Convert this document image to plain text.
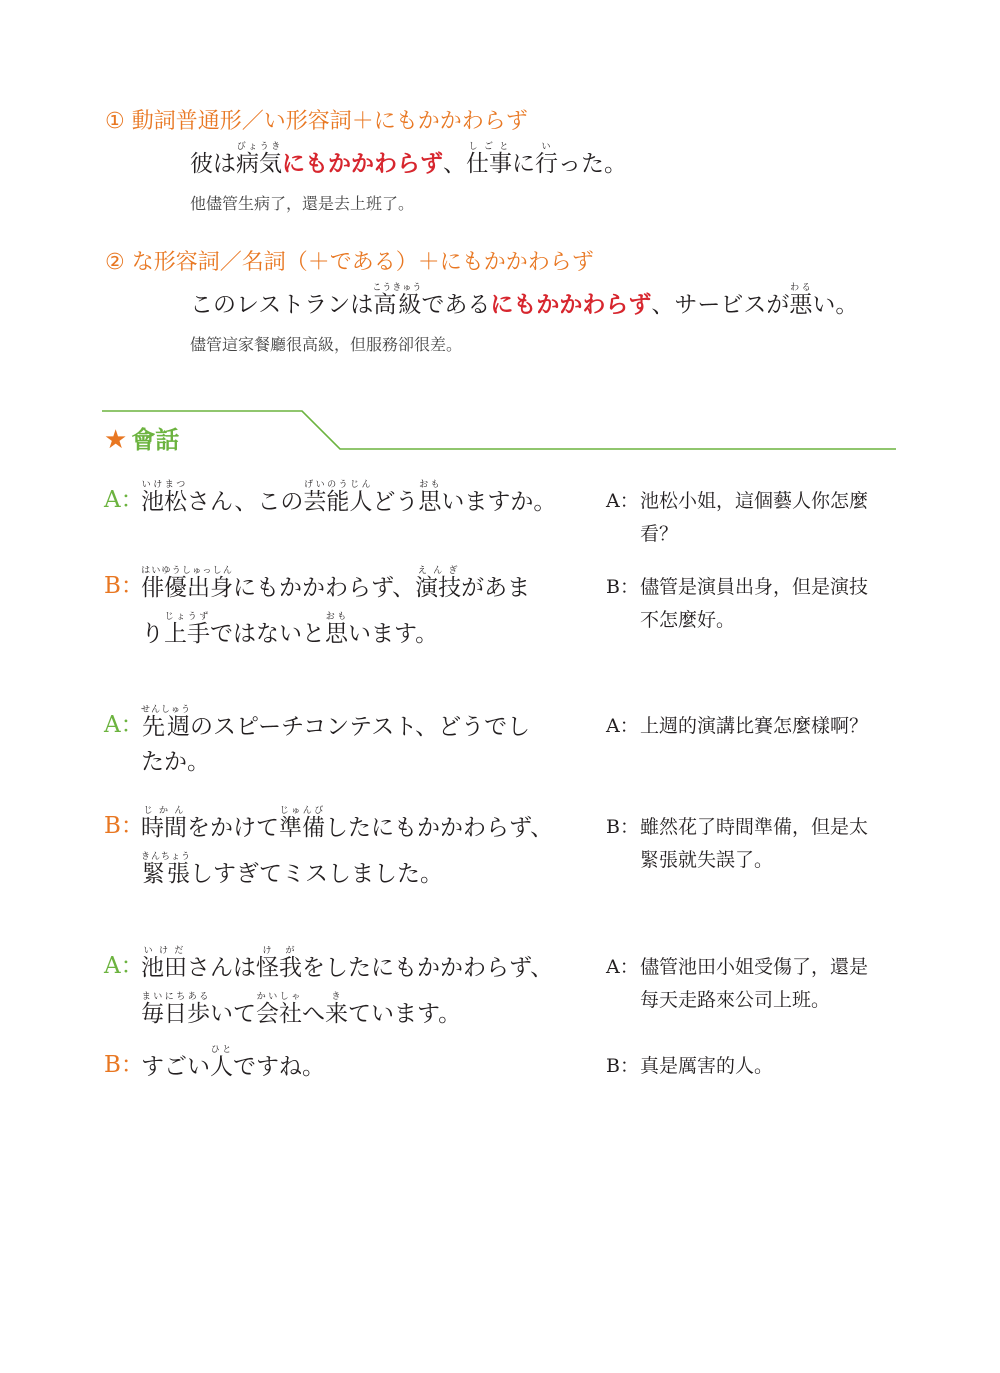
① 動詞普通形／い形容詞＋にもかかわらず
彼は病気びょうきにもかかわらず、仕事しごとに行いった。
他儘管生病了，還是去上班了。
② な形容詞／名詞（＋である）＋にもかかわらず
このレストランは高級こうきゅうであるにもかかわらず、サービスが悪わるい。
儘管這家餐廳很高級，但服務卻很差。
★ 會話
A：
池松いけまつさん、この芸能人げいのうじんどう思おもいますか。	A： 池松小姐，這個藝人你怎麼
看？
B：
俳優出身はいゆうしゅっしんにもかかわらず、演技えんぎがあま
り上手じょうずではないと思おもいます。
B： 儘管是演員出身，但是演技
不怎麼好。
A：
先週せんしゅうのスピーチコンテスト、どうでし
たか。
A： 上週的演講比賽怎麼樣啊？
B：
時間じかんをかけて準備じゅんびしたにもかかわらず、
緊張きんちょうしすぎてミスしました。
B： 雖然花了時間準備，但是太
緊張就失誤了。
A：
池田いけださんは怪我けがをしたにもかかわらず、
毎日まいにち歩あるいて会社かいしゃへ来きています。
A： 儘管池田小姐受傷了，還是
每天走路來公司上班。
B：
すごい人ひとですね。	B： 真是厲害的人。
